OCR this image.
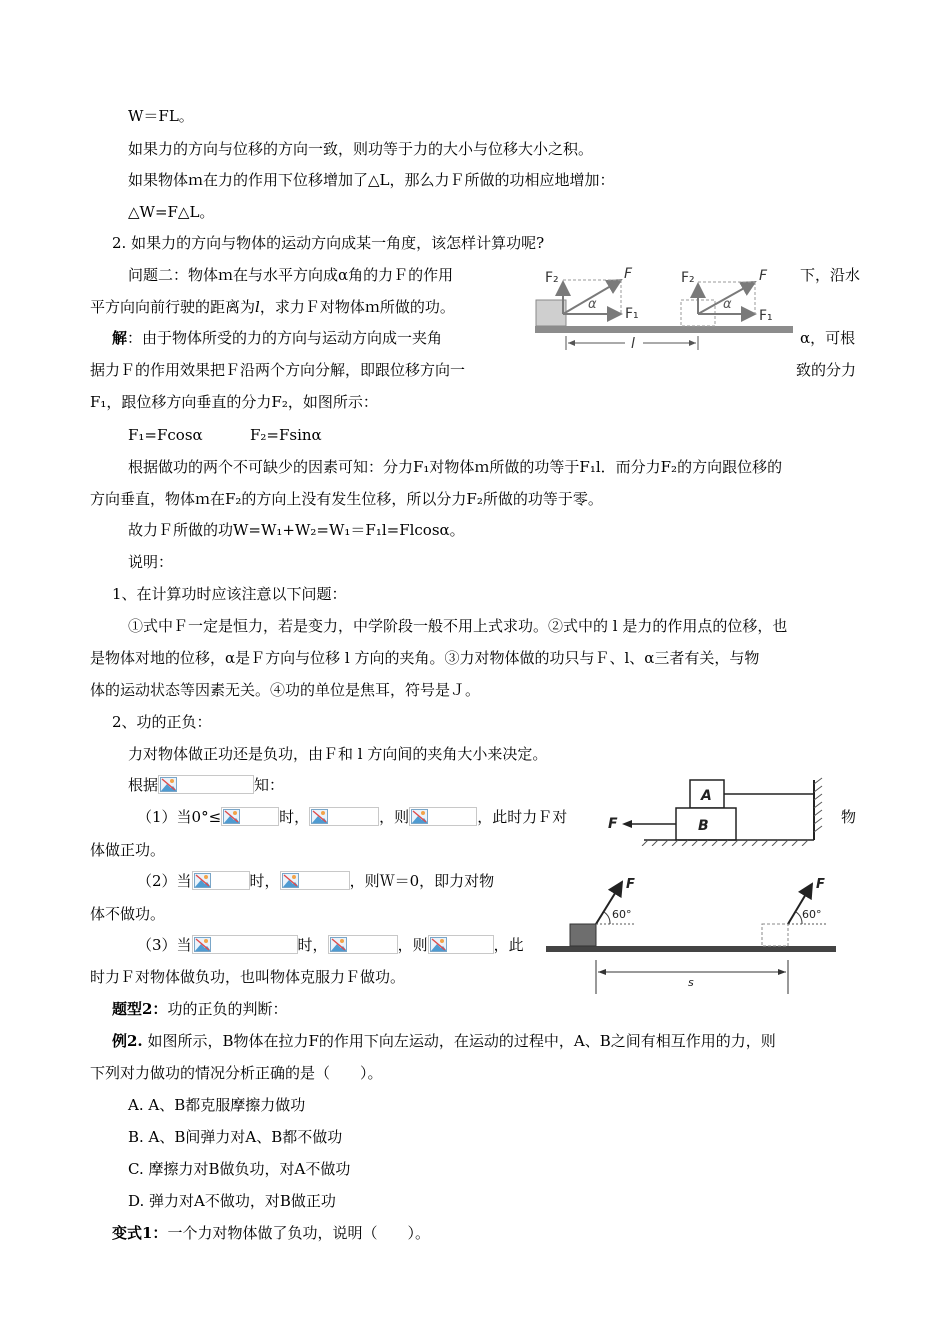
W＝FL。
如果力的方向与位移的方向一致，则功等于力的大小与位移大小之积。
如果物体ｍ在力的作用下位移增加了△L，那么力Ｆ所做的功相应地增加：
△W=F△L。
2. 如果力的方向与物体的运动方向成某一角度，该怎样计算功呢?
问题二：物体ｍ在与水平方向成α角的力Ｆ的作用	下，沿水
平方向向前行驶的距离为l，求力Ｆ对物体ｍ所做的功。
解：由于物体所受的力的方向与运动方向成一夹角	α，可根
据力Ｆ的作用效果把Ｆ沿两个方向分解，即跟位移方向一	致的分力
F₁，跟位移方向垂直的分力F₂，如图所示：
F₁=Fcosα	F₂=Fsinα
根据做功的两个不可缺少的因素可知：分力F₁对物体ｍ所做的功等于F₁l．而分力F₂的方向跟位移的
方向垂直，物体ｍ在F₂的方向上没有发生位移，所以分力F₂所做的功等于零。
故力Ｆ所做的功W=W₁+W₂=W₁＝F₁l=Flcosα。
说明：
1、在计算功时应该注意以下问题：
①式中Ｆ一定是恒力，若是变力，中学阶段一般不用上式求功。②式中的 l 是力的作用点的位移，也
是物体对地的位移，α是Ｆ方向与位移 l 方向的夹角。③力对物体做的功只与Ｆ、l、α三者有关，与物
体的运动状态等因素无关。④功的单位是焦耳，符号是Ｊ。
2、功的正负：
力对物体做正功还是负功，由Ｆ和 l 方向间的夹角大小来决定。
根据	知：
（1）当0°≤	时，	，则	，此时力Ｆ对	物
体做正功。
（2）当	时，	，则Ｗ＝0，即力对物
体不做功。
（3）当	时，	，则	，此
时力Ｆ对物体做负功，也叫物体克服力Ｆ做功。
题型2：功的正负的判断：
例2. 如图所示，B物体在拉力F的作用下向左运动，在运动的过程中，A、B之间有相互作用的力，则
下列对力做功的情况分析正确的是（　　）。
A. A、B都克服摩擦力做功
B. A、B间弹力对A、B都不做功
C. 摩擦力对B做负功，对A不做功
D. 弹力对A不做功，对B做正功
变式1：一个力对物体做了负功，说明（　　）。
F₂	F
F₁
α
F₂	F
F₁
α
l
A
B
F
F
60°
F
60°
s
